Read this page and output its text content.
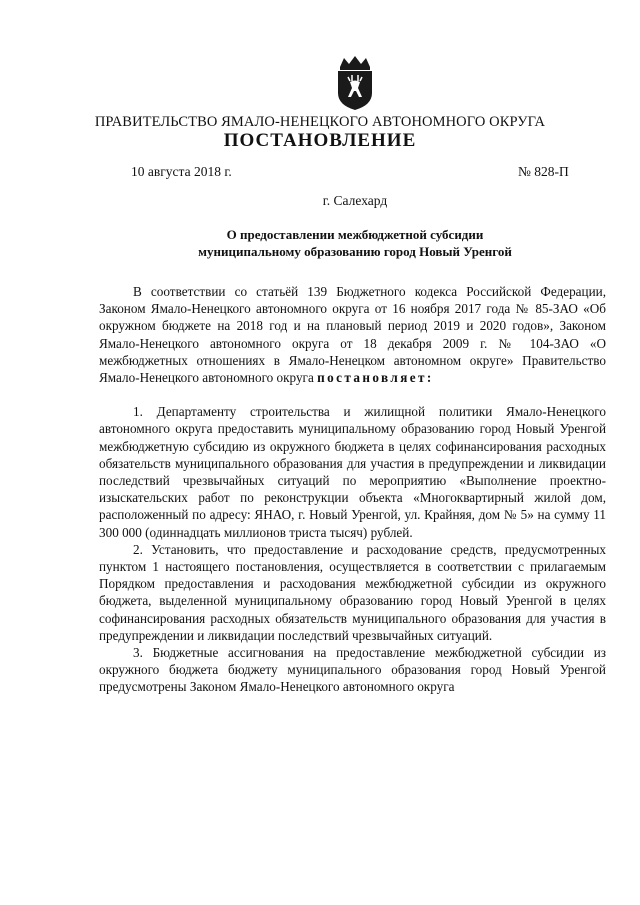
ПРАВИТЕЛЬСТВО ЯМАЛО-НЕНЕЦКОГО АВТОНОМНОГО ОКРУГА
ПОСТАНОВЛЕНИЕ
10 августа 2018 г.	№ 828-П
г. Салехард
О предоставлении межбюджетной субсидии
муниципальному образованию город Новый Уренгой

В соответствии со статьёй 139 Бюджетного кодекса Российской Федерации, Законом Ямало-Ненецкого автономного округа от 16 ноября 2017 года № 85-ЗАО «Об окружном бюджете на 2018 год и на плановый период 2019 и 2020 годов», Законом Ямало-Ненецкого автономного округа от 18 декабря 2009 г. № 104-ЗАО «О межбюджетных отношениях в Ямало-Ненецком автономном округе» Правительство Ямало-Ненецкого автономного округа постановляет:

1. Департаменту строительства и жилищной политики Ямало-Ненецкого автономного округа предоставить муниципальному образованию город Новый Уренгой межбюджетную субсидию из окружного бюджета в целях софинансирования расходных обязательств муниципального образования для участия в предупреждении и ликвидации последствий чрезвычайных ситуаций по мероприятию «Выполнение проектно-изыскательских работ по реконструкции объекта «Многоквартирный жилой дом, расположенный по адресу: ЯНАО, г. Новый Уренгой, ул. Крайняя, дом № 5» на сумму 11 300 000 (одиннадцать миллионов триста тысяч) рублей.

2. Установить, что предоставление и расходование средств, предусмотренных пунктом 1 настоящего постановления, осуществляется в соответствии с прилагаемым Порядком предоставления и расходования межбюджетной субсидии из окружного бюджета, выделенной муниципальному образованию город Новый Уренгой в целях софинансирования расходных обязательств муниципального образования для участия в предупреждении и ликвидации последствий чрезвычайных ситуаций.

3. Бюджетные ассигнования на предоставление межбюджетной субсидии из окружного бюджета бюджету муниципального образования город Новый Уренгой предусмотрены Законом Ямало-Ненецкого автономного округа
